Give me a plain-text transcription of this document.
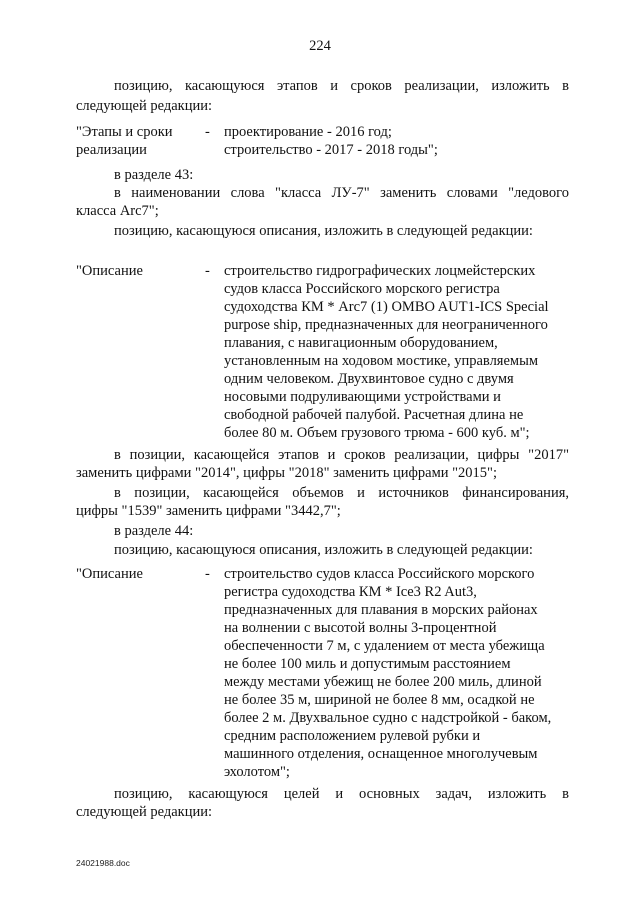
224
позицию, касающуюся этапов и сроков реализации, изложить в
следующей редакции:
"Этапы и сроки
реализации
- проектирование - 2016 год;
строительство - 2017 - 2018 годы";
в разделе 43:
в наименовании слова "класса ЛУ-7" заменить словами "ледового
класса Arc7";
позицию, касающуюся описания, изложить в следующей редакции:
"Описание	- строительство гидрографических лоцмейстерских
судов класса Российского морского регистра
судоходства КМ * Arc7 (1) OMBO AUT1-ICS Special
purpose ship, предназначенных для неограниченного
плавания, с навигационным оборудованием,
установленным на ходовом мостике, управляемым
одним человеком. Двухвинтовое судно с двумя
носовыми подруливающими устройствами и
свободной рабочей палубой. Расчетная длина не
более 80 м. Объем грузового трюма - 600 куб. м";
в позиции, касающейся этапов и сроков реализации, цифры "2017"
заменить цифрами "2014", цифры "2018" заменить цифрами "2015";
в позиции, касающейся объемов и источников финансирования,
цифры "1539" заменить цифрами "3442,7";
в разделе 44:
позицию, касающуюся описания, изложить в следующей редакции:
"Описание	- строительство судов класса Российского морского
регистра судоходства КМ * Ice3 R2 Aut3,
предназначенных для плавания в морских районах
на волнении с высотой волны 3-процентной
обеспеченности 7 м, с удалением от места убежища
не более 100 миль и допустимым расстоянием
между местами убежищ не более 200 миль, длиной
не более 35 м, шириной не более 8 мм, осадкой не
более 2 м. Двухвальное судно с надстройкой - баком,
средним расположением рулевой рубки и
машинного отделения, оснащенное многолучевым
эхолотом";
позицию, касающуюся целей и основных задач, изложить в
следующей редакции:
24021988.doc
